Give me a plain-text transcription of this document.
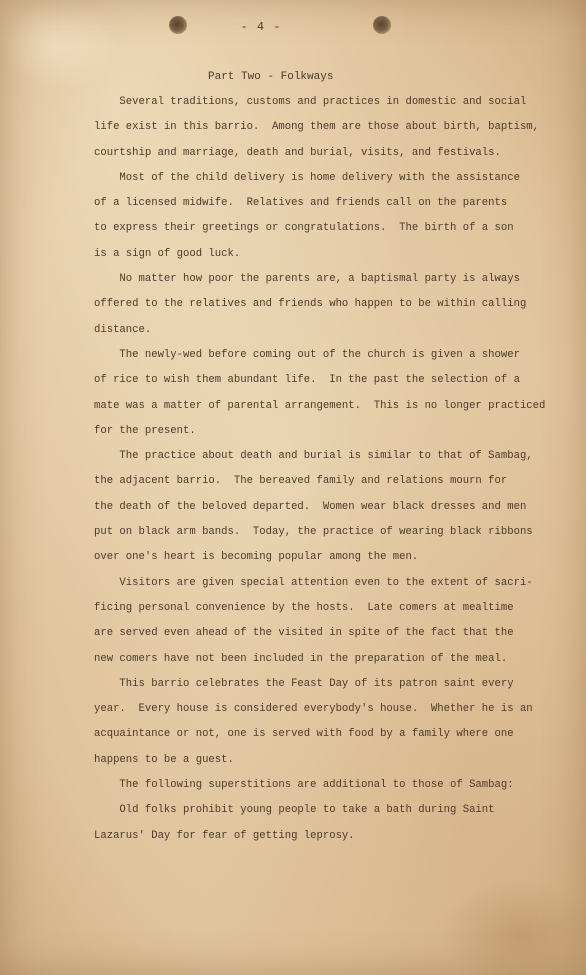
- 4 -
Part Two - Folkways
Several traditions, customs and practices in domestic and social
life exist in this barrio.  Among them are those about birth, baptism,
courtship and marriage, death and burial, visits, and festivals.
Most of the child delivery is home delivery with the assistance
of a licensed midwife.  Relatives and friends call on the parents
to express their greetings or congratulations.  The birth of a son
is a sign of good luck.
No matter how poor the parents are, a baptismal party is always
offered to the relatives and friends who happen to be within calling
distance.
The newly-wed before coming out of the church is given a shower
of rice to wish them abundant life.  In the past the selection of a
mate was a matter of parental arrangement.  This is no longer practiced
for the present.
The practice about death and burial is similar to that of Sambag,
the adjacent barrio.  The bereaved family and relations mourn for
the death of the beloved departed.  Women wear black dresses and men
put on black arm bands.  Today, the practice of wearing black ribbons
over one's heart is becoming popular among the men.
Visitors are given special attention even to the extent of sacri-
ficing personal convenience by the hosts.  Late comers at mealtime
are served even ahead of the visited in spite of the fact that the
new comers have not been included in the preparation of the meal.
This barrio celebrates the Feast Day of its patron saint every
year.  Every house is considered everybody's house.  Whether he is an
acquaintance or not, one is served with food by a family where one
happens to be a guest.
The following superstitions are additional to those of Sambag:
Old folks prohibit young people to take a bath during Saint
Lazarus' Day for fear of getting leprosy.
